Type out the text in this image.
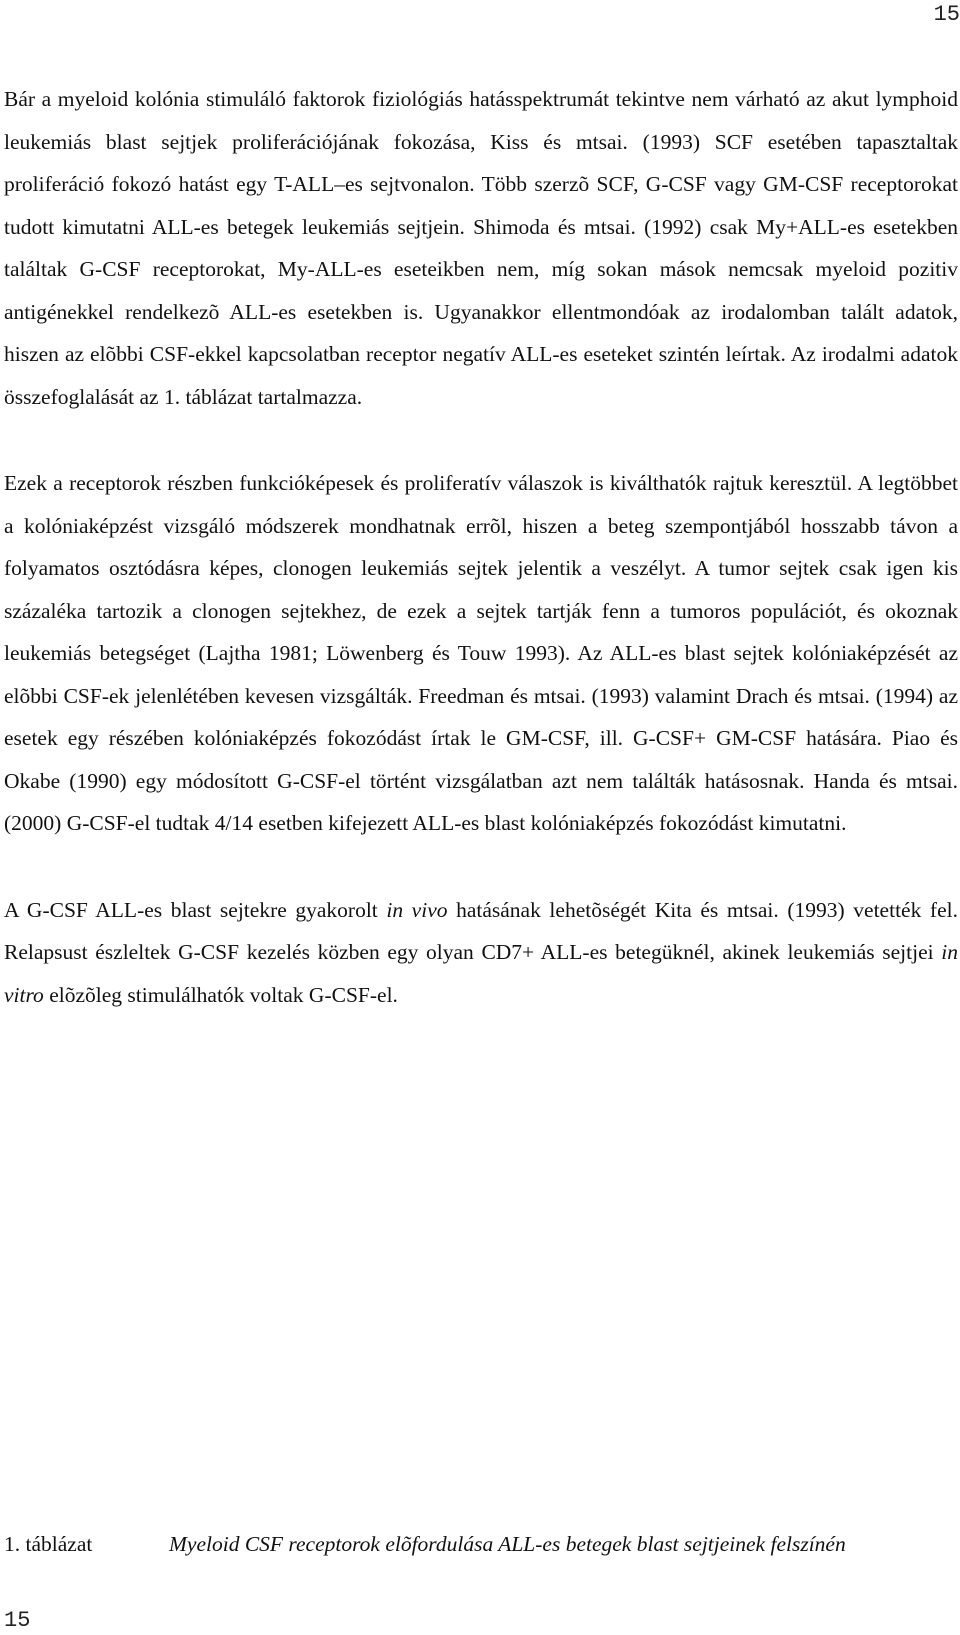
15

Bár a myeloid kolónia stimuláló faktorok fiziológiás hatásspektrumát tekintve nem várható az akut lymphoid leukemiás blast sejtjek proliferációjának fokozása, Kiss és mtsai. (1993) SCF esetében tapasztaltak proliferáció fokozó hatást egy T-ALL–es sejtvonalon. Több szerzõ SCF, G-CSF vagy GM-CSF receptorokat tudott kimutatni ALL-es betegek leukemiás sejtjein. Shimoda és mtsai. (1992) csak My+ALL-es esetekben találtak G-CSF receptorokat, My-ALL-es eseteikben nem, míg sokan mások nemcsak myeloid pozitiv antigénekkel rendelkezõ ALL-es esetekben is. Ugyanakkor ellentmondóak az irodalomban talált adatok, hiszen az elõbbi CSF-ekkel kapcsolatban receptor negatív ALL-es eseteket szintén leírtak. Az irodalmi adatok összefoglalását az 1. táblázat tartalmazza.

Ezek a receptorok részben funkcióképesek és proliferatív válaszok is kiválthatók rajtuk keresztül. A legtöbbet a kolóniaképzést vizsgáló módszerek mondhatnak errõl, hiszen a beteg szempontjából hosszabb távon a folyamatos osztódásra képes, clonogen leukemiás sejtek jelentik a veszélyt. A tumor sejtek csak igen kis százaléka tartozik a clonogen sejtekhez, de ezek a sejtek tartják fenn a tumoros populációt, és okoznak leukemiás betegséget (Lajtha 1981; Löwenberg és Touw 1993). Az ALL-es blast sejtek kolóniaképzését az elõbbi CSF-ek jelenlétében kevesen vizsgálták. Freedman és mtsai. (1993) valamint Drach és mtsai. (1994) az esetek egy részében kolóniaképzés fokozódást írtak le GM-CSF, ill. G-CSF+ GM-CSF hatására. Piao és Okabe (1990) egy módosított G-CSF-el történt vizsgálatban azt nem találták hatásosnak. Handa és mtsai. (2000) G-CSF-el tudtak 4/14 esetben kifejezett ALL-es blast kolóniaképzés fokozódást kimutatni.

A G-CSF ALL-es blast sejtekre gyakorolt in vivo hatásának lehetõségét Kita és mtsai. (1993) vetették fel. Relapsust észleltek G-CSF kezelés közben egy olyan CD7+ ALL-es betegüknél, akinek leukemiás sejtjei in vitro elõzõleg stimulálhatók voltak G-CSF-el.

1. táblázat	Myeloid CSF receptorok elõfordulása ALL-es betegek blast sejtjeinek felszínén
15
